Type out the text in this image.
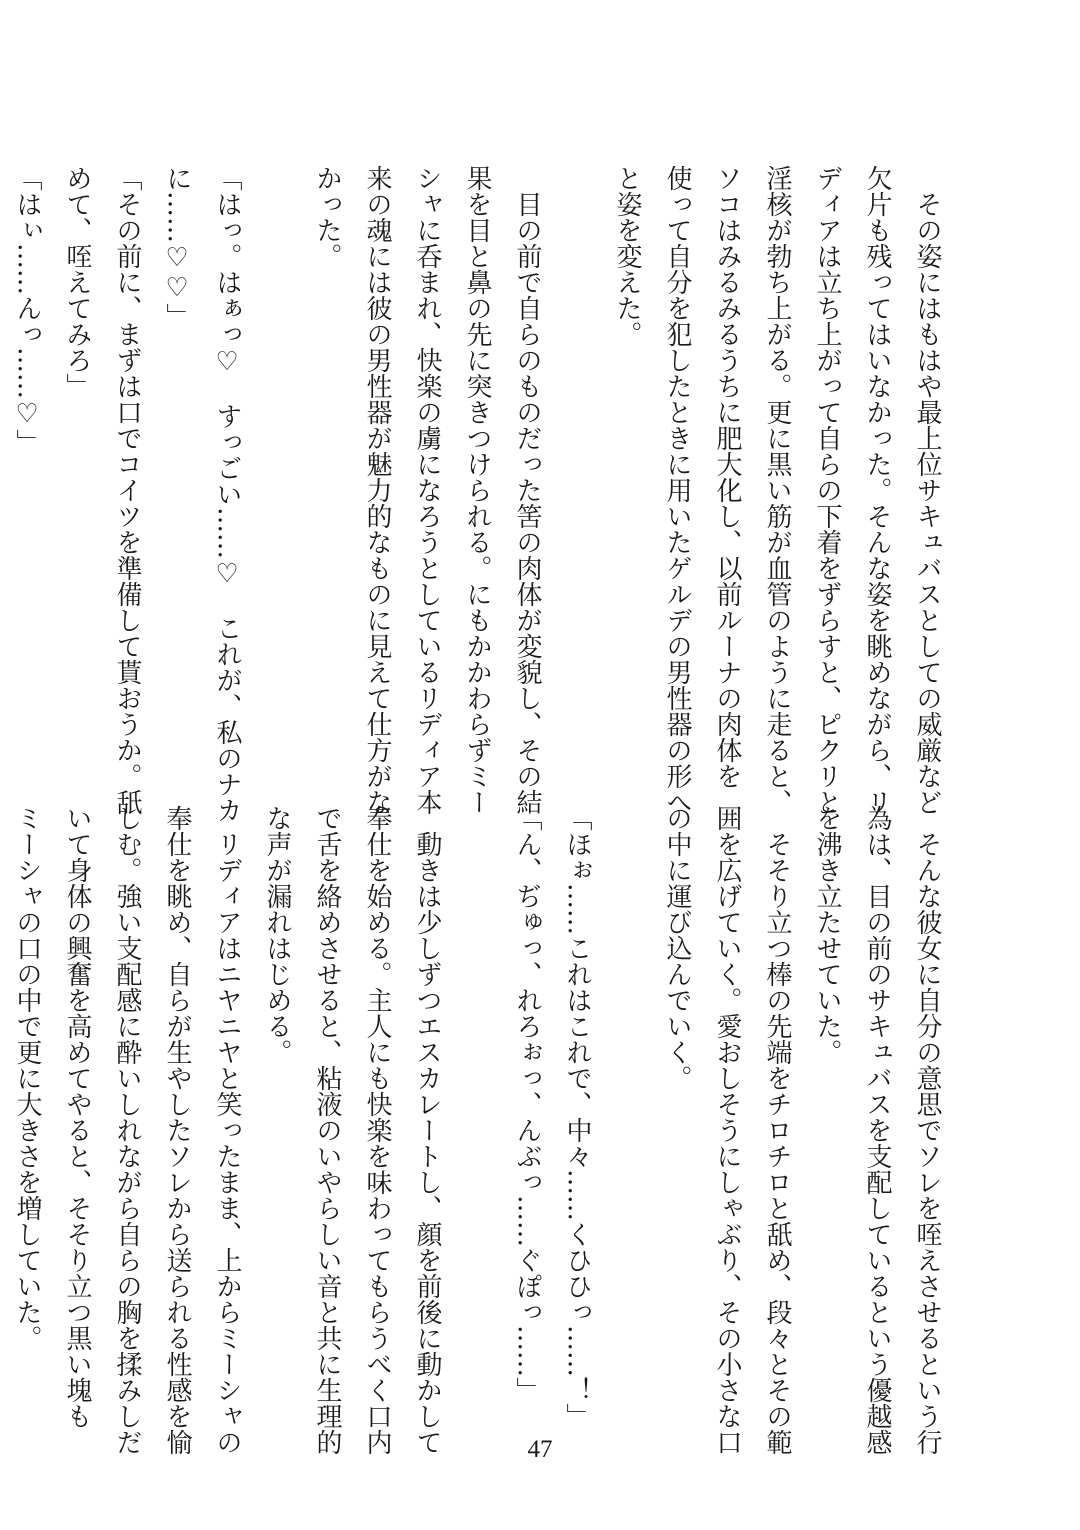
　その姿にはもはや最上位サキュバスとしての威厳など

欠片も残ってはいなかった。そんな姿を眺めながら、リ

ディアは立ち上がって自らの下着をずらすと、ピクリと

淫核が勃ち上がる。更に黒い筋が血管のように走ると、

ソコはみるみるうちに肥大化し、以前ルーナの肉体を

使って自分を犯したときに用いたゲルデの男性器の形へ

と姿を変えた。

　目の前で自らのものだった筈の肉体が変貌し、その結

果を目と鼻の先に突きつけられる。にもかかわらずミー

シャに呑まれ、快楽の虜になろうとしているリディア本

来の魂には彼の男性器が魅力的なものに見えて仕方がな

かった。

「はっ。はぁっ♡　すっごい……♡　これが、私のナカ

に……♡♡」

「その前に、まずは口でコイツを準備して貰おうか。舐

めて、咥えてみろ」

「はぃ……んっ……♡」

　そんな彼女に自分の意思でソレを咥えさせるという行

為は、目の前のサキュバスを支配しているという優越感

を沸き立たせていた。

　そそり立つ棒の先端をチロチロと舐め、段々とその範

囲を広げていく。愛おしそうにしゃぶり、その小さな口

の中に運び込んでいく。

「ほぉ……これはこれで、中々……くひひっ……！」

「ん、ぢゅっ、れろぉっ、んぶっ……ぐぽっ……」

　動きは少しずつエスカレートし、顔を前後に動かして

奉仕を始める。主人にも快楽を味わってもらうべく口内

で舌を絡めさせると、粘液のいやらしい音と共に生理的

な声が漏れはじめる。

　リディアはニヤニヤと笑ったまま、上からミーシャの

奉仕を眺め、自らが生やしたソレから送られる性感を愉

しむ。強い支配感に酔いしれながら自らの胸を揉みしだ

いて身体の興奮を高めてやると、そそり立つ黒い塊も

ミーシャの口の中で更に大きさを増していた。

47
